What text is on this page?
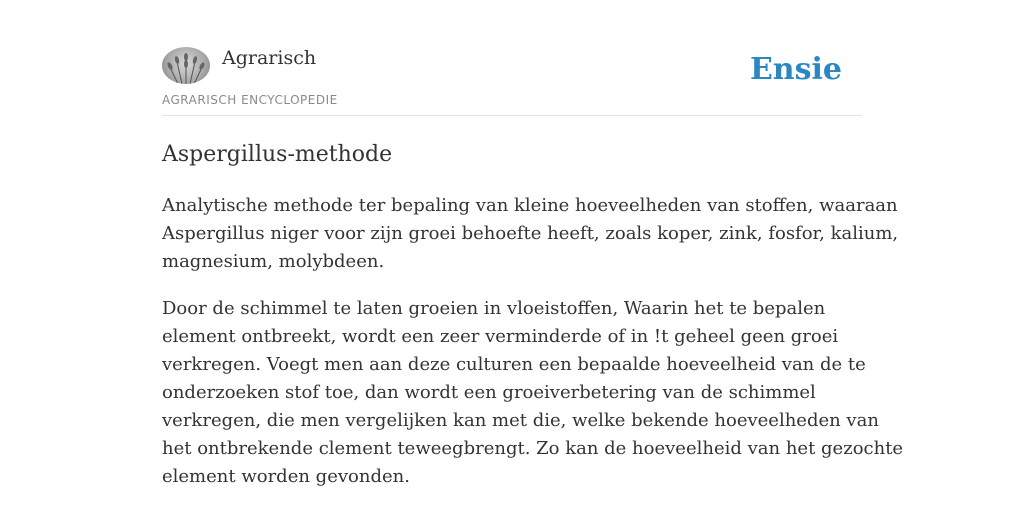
Agrarisch
AGRARISCH ENCYCLOPEDIE
Ensie
Aspergillus-methode
Analytische methode ter bepaling van kleine hoeveelheden van stoffen, waaraan
Aspergillus niger voor zijn groei behoefte heeft, zoals koper, zink, fosfor, kalium,
magnesium, molybdeen.
Door de schimmel te laten groeien in vloeistoffen, Waarin het te bepalen
element ontbreekt, wordt een zeer verminderde of in !t geheel geen groei
verkregen. Voegt men aan deze culturen een bepaalde hoeveelheid van de te
onderzoeken stof toe, dan wordt een groeiverbetering van de schimmel
verkregen, die men vergelijken kan met die, welke bekende hoeveelheden van
het ontbrekende clement teweegbrengt. Zo kan de hoeveelheid van het gezochte
element worden gevonden.
